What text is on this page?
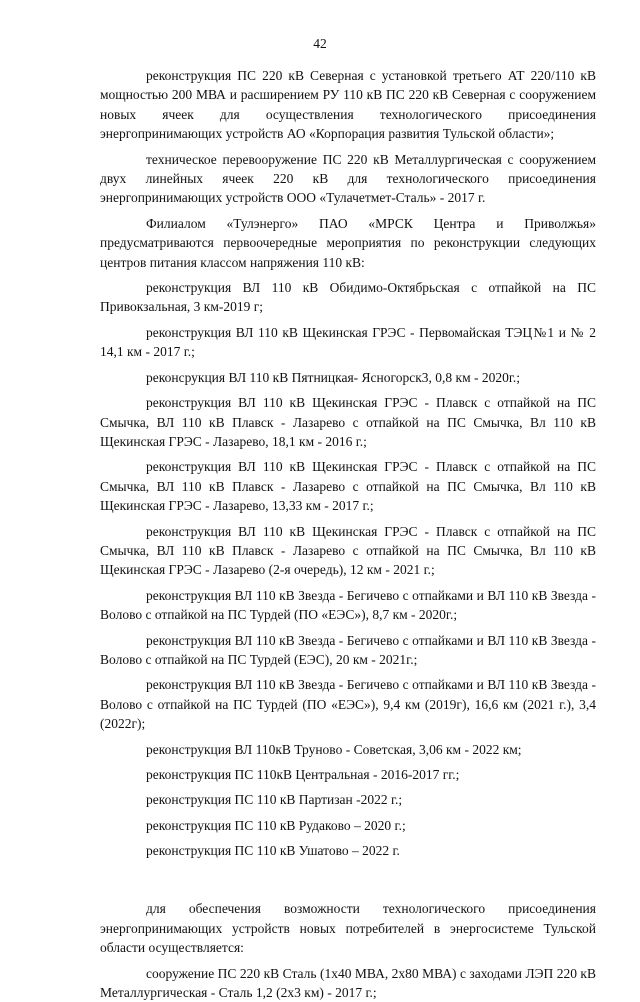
42

реконструкция ПС 220 кВ Северная с установкой третьего АТ 220/110 кВ мощностью 200 МВА и расширением РУ 110 кВ ПС 220 кВ Северная с сооружением новых ячеек для осуществления технологического присоединения энергопринимающих устройств АО «Корпорация развития Тульской области»;

техническое перевооружение ПС 220 кВ Металлургическая с сооружением двух линейных ячеек 220 кВ для технологического присоединения энергопринимающих устройств ООО «Тулачетмет-Сталь» - 2017 г.

Филиалом «Тулэнерго» ПАО «МРСК Центра и Приволжья» предусматриваются первоочередные мероприятия по реконструкции следующих центров питания классом напряжения 110 кВ:

реконструкция ВЛ 110 кВ Обидимо-Октябрьская с отпайкой на ПС Привокзальная, 3 км-2019 г;

реконструкция ВЛ 110 кВ Щекинская ГРЭС - Первомайская ТЭЦ№1 и № 2 14,1 км - 2017 г.;

реконсрукция ВЛ 110 кВ Пятницкая- Ясногорск3, 0,8 км - 2020г.;

реконструкция ВЛ 110 кВ Щекинская ГРЭС - Плавск с отпайкой на ПС Смычка, ВЛ 110 кВ Плавск - Лазарево с отпайкой на ПС Смычка, Вл 110 кВ Щекинская ГРЭС - Лазарево, 18,1 км - 2016 г.;

реконструкция ВЛ 110 кВ Щекинская ГРЭС - Плавск с отпайкой на ПС Смычка, ВЛ 110 кВ Плавск - Лазарево с отпайкой на ПС Смычка, Вл 110 кВ Щекинская ГРЭС - Лазарево, 13,33 км - 2017 г.;

реконструкция ВЛ 110 кВ Щекинская ГРЭС - Плавск с отпайкой на ПС Смычка, ВЛ 110 кВ Плавск - Лазарево с отпайкой на ПС Смычка, Вл 110 кВ Щекинская ГРЭС - Лазарево (2-я очередь), 12 км - 2021 г.;

реконструкция ВЛ 110 кВ Звезда - Бегичево с отпайками и ВЛ 110 кВ Звезда - Волово с отпайкой на ПС Турдей (ПО «ЕЭС»), 8,7 км - 2020г.;

реконструкция ВЛ 110 кВ Звезда - Бегичево с отпайками и ВЛ 110 кВ Звезда - Волово с отпайкой на ПС Турдей (ЕЭС), 20 км - 2021г.;

реконструкция ВЛ 110 кВ Звезда - Бегичево с отпайками и ВЛ 110 кВ Звезда - Волово с отпайкой на ПС Турдей (ПО «ЕЭС»), 9,4 км (2019г), 16,6 км (2021 г.), 3,4 (2022г);

реконструкция ВЛ 110кВ Труново - Советская, 3,06 км - 2022 км;

реконструкция ПС 110кВ Центральная - 2016-2017 гг.;

реконструкция ПС 110 кВ Партизан -2022 г.;

реконструкция ПС 110 кВ Рудаково – 2020 г.;

реконструкция ПС 110 кВ Ушатово – 2022 г.

для обеспечения возможности технологического присоединения энергопринимающих устройств новых потребителей в энергосистеме Тульской области осуществляется:

сооружение ПС 220 кВ Сталь (1х40 МВА, 2х80 МВА) с заходами ЛЭП 220 кВ Металлургическая - Сталь 1,2 (2х3 км) - 2017 г.;
